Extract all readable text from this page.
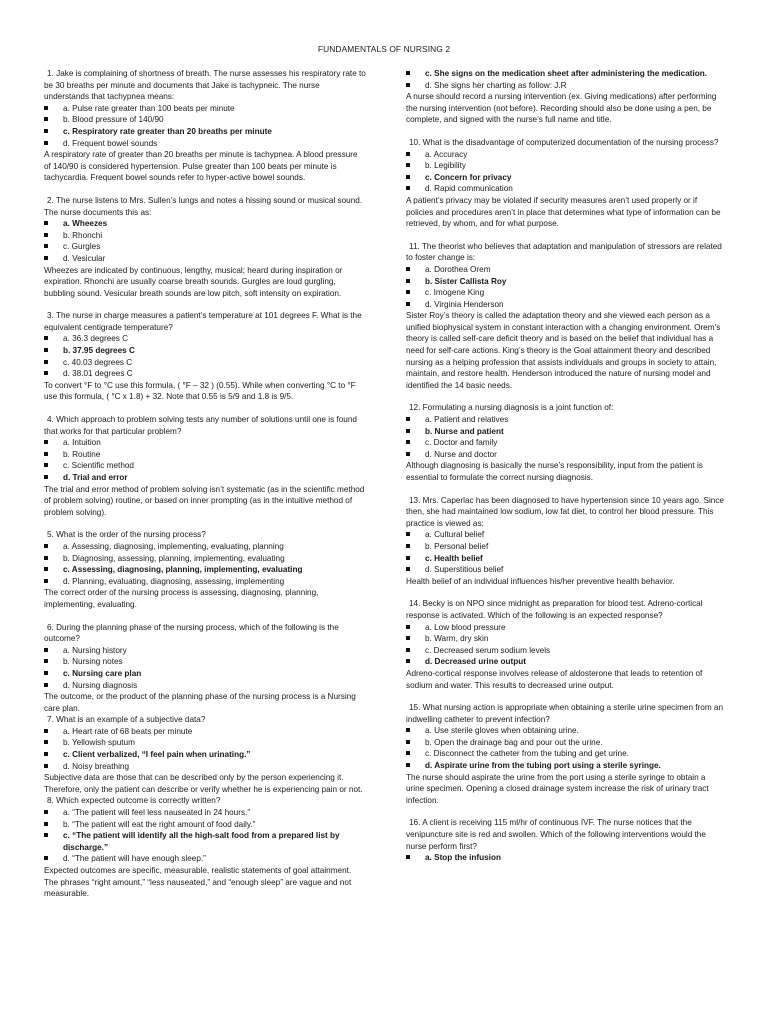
FUNDAMENTALS OF NURSING 2

1. Jake is complaining of shortness of breath. The nurse assesses his respiratory rate to be 30 breaths per minute and documents that Jake is tachypneic. The nurse understands that tachypnea means:

a. Pulse rate greater than 100 beats per minute
b. Blood pressure of 140/90
c. Respiratory rate greater than 20 breaths per minute
d. Frequent bowel sounds

A respiratory rate of greater than 20 breaths per minute is tachypnea. A blood pressure of 140/90 is considered hypertension. Pulse greater than 100 beats per minute is tachycardia. Frequent bowel sounds refer to hyper-active bowel sounds.

2. The nurse listens to Mrs. Sullen’s lungs and notes a hissing sound or musical sound. The nurse documents this as:

a. Wheezes
b. Rhonchi
c. Gurgles
d. Vesicular

Wheezes are indicated by continuous, lengthy, musical; heard during inspiration or expiration. Rhonchi are usually coarse breath sounds. Gurgles are loud gurgling, bubbling sound. Vesicular breath sounds are low pitch, soft intensity on expiration.

3. The nurse in charge measures a patient’s temperature at 101 degrees F. What is the equivalent centigrade temperature?

a. 36.3 degrees C
b. 37.95 degrees C
c. 40.03 degrees C
d. 38.01 degrees C

To convert °F to °C use this formula, ( °F – 32 ) (0.55). While when converting °C to °F use this formula, ( °C x 1.8) + 32. Note that 0.55 is 5/9 and 1.8 is 9/5.

4. Which approach to problem solving tests any number of solutions until one is found that works for that particular problem?

a. Intuition
b. Routine
c. Scientific method
d. Trial and error

The trial and error method of problem solving isn’t systematic (as in the scientific method of problem solving) routine, or based on inner prompting (as in the intuitive method of problem solving).

5. What is the order of the nursing process?

a. Assessing, diagnosing, implementing, evaluating, planning
b. Diagnosing, assessing, planning, implementing, evaluating
c. Assessing, diagnosing, planning, implementing, evaluating
d. Planning, evaluating, diagnosing, assessing, implementing

The correct order of the nursing process is assessing, diagnosing, planning, implementing, evaluating.

6. During the planning phase of the nursing process, which of the following is the outcome?

a. Nursing history
b. Nursing notes
c. Nursing care plan
d. Nursing diagnosis

The outcome, or the product of the planning phase of the nursing process is a Nursing care plan.

7. What is an example of a subjective data?

a. Heart rate of 68 beats per minute
b. Yellowish sputum
c. Client verbalized, “I feel pain when urinating.”
d. Noisy breathing

Subjective data are those that can be described only by the person experiencing it. Therefore, only the patient can describe or verify whether he is experiencing pain or not.

8. Which expected outcome is correctly written?

a. “The patient will feel less nauseated in 24 hours.”
b. “The patient will eat the right amount of food daily.”
c. “The patient will identify all the high-salt food from a prepared list by discharge.”
d. “The patient will have enough sleep.”

Expected outcomes are specific, measurable, realistic statements of goal attainment. The phrases “right amount,” “less nauseated,” and “enough sleep” are vague and not measurable.

c. She signs on the medication sheet after administering the medication.
d. She signs her charting as follow: J.R

A nurse should record a nursing intervention (ex. Giving medications) after performing the nursing intervention (not before). Recording should also be done using a pen, be complete, and signed with the nurse’s full name and title.

10. What is the disadvantage of computerized documentation of the nursing process?

a. Accuracy
b. Legibility
c. Concern for privacy
d. Rapid communication

A patient’s privacy may be violated if security measures aren’t used properly or if policies and procedures aren’t in place that determines what type of information can be retrieved, by whom, and for what purpose.

11. The theorist who believes that adaptation and manipulation of stressors are related to foster change is:

a. Dorothea Orem
b. Sister Callista Roy
c. Imogene King
d. Virginia Henderson

Sister Roy’s theory is called the adaptation theory and she viewed each person as a unified biophysical system in constant interaction with a changing environment. Orem’s theory is called self-care deficit theory and is based on the belief that individual has a need for self-care actions. King’s theory is the Goal attainment theory and described nursing as a helping profession that assists individuals and groups in society to attain, maintain, and restore health. Henderson introduced the nature of nursing model and identified the 14 basic needs.

12. Formulating a nursing diagnosis is a joint function of:

a. Patient and relatives
b. Nurse and patient
c. Doctor and family
d. Nurse and doctor

Although diagnosing is basically the nurse’s responsibility, input from the patient is essential to formulate the correct nursing diagnosis.

13. Mrs. Caperlac has been diagnosed to have hypertension since 10 years ago. Since then, she had maintained low sodium, low fat diet, to control her blood pressure. This practice is viewed as:

a. Cultural belief
b. Personal belief
c. Health belief
d. Superstitious belief

Health belief of an individual influences his/her preventive health behavior.

14. Becky is on NPO since midnight as preparation for blood test. Adreno-cortical response is activated. Which of the following is an expected response?

a. Low blood pressure
b. Warm, dry skin
c. Decreased serum sodium levels
d. Decreased urine output

Adreno-cortical response involves release of aldosterone that leads to retention of sodium and water. This results to decreased urine output.

15. What nursing action is appropriate when obtaining a sterile urine specimen from an indwelling catheter to prevent infection?

a. Use sterile gloves when obtaining urine.
b. Open the drainage bag and pour out the urine.
c. Disconnect the catheter from the tubing and get urine.
d. Aspirate urine from the tubing port using a sterile syringe.

The nurse should aspirate the urine from the port using a sterile syringe to obtain a urine specimen. Opening a closed drainage system increase the risk of urinary tract infection.

16. A client is receiving 115 ml/hr of continuous IVF. The nurse notices that the venipuncture site is red and swollen. Which of the following interventions would the nurse perform first?

a. Stop the infusion
